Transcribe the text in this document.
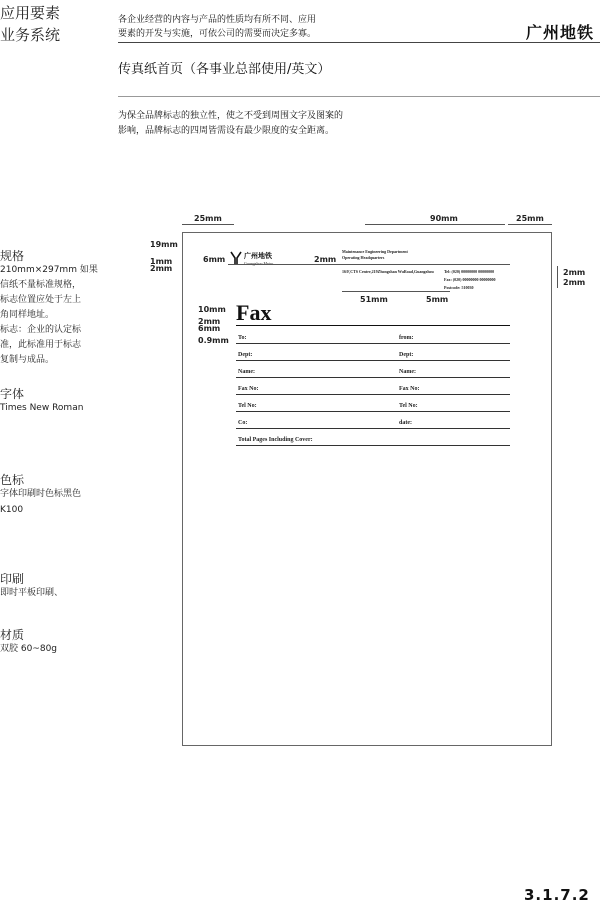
应用要素
业务系统
各企业经营的内容与产品的性质均有所不同、应用
要素的开发与实施，可依公司的需要而决定多寡。	广州地铁
传真纸首页（各事业总部使用/英文）
为保全品牌标志的独立性，使之不受到周围文字及图案的
影响，品牌标志的四周皆需设有最少限度的安全距离。
规格
210mm×297mm 如果
信纸不量标准规格，
标志位置应处于左上
角同样地址。
标志：企业的认定标
准，此标准用于标志
复制与成品。
字体
Times New Roman
色标
字体印刷时色标黑色
K100
印刷
即时平板印刷、
材质
双胶 60~80g
25mm	90mm	25mm
19mm
1mm
2mm	2mm
2mm
6mm	广州地铁	2mm
Maintenance Engineering Department
Operating Headquarters
16/F,CTS Centre,219Zhongshan WuRoad,Guangzhou	Tel: (020) 00000000 00000000
Fax: (020) 00000000 00000000
Postcode: 510030
51mm	5mm
10mm
2mm
6mm
0.9mm
Fax
To:	from:
Dept:	Dept:
Name:	Name:
Fax No:	Fax No:
Tel No:	Tel No:
Co:	date:
Total Pages Including Cover:
3.1.7.2
